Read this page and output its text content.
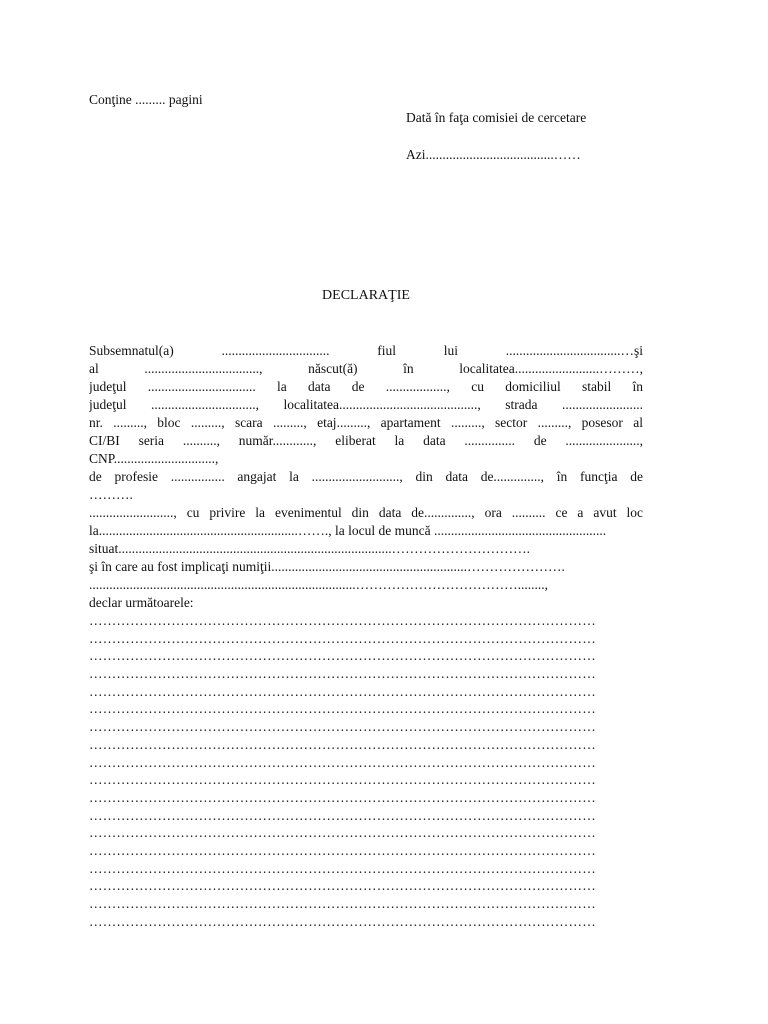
Conţine ......... pagini
Dată în faţa comisiei de cercetare
Azi......................................……
DECLARAŢIE
Subsemnatul(a) ................................ fiul lui ..................................…şi
al .................................., născut(ă) în localitatea.........................………,
judeţul ................................ la data de .................., cu domiciliul stabil în
judeţul ..............................., localitatea........................................., strada ........................
nr. ........., bloc ........., scara ........., etaj........., apartament ........., sector ........., posesor al
CI/BI seria .........., număr............, eliberat la data ............... de ......................,
CNP..............................,
de profesie ................ angajat la .........................., din data de.............., în funcţia de
……….
........................., cu privire la evenimentul din data de.............., ora .......... ce a avut loc
la...........................................................……., la locul de muncă ...................................................
situat.................................................................................………………………….
şi în care au fost implicaţi numiţii..........................................................………………….
...............................................................................………………………………........,
declar următoarele:
…………………………………………………………………………………………………
…………………………………………………………………………………………………
…………………………………………………………………………………………………
…………………………………………………………………………………………………
…………………………………………………………………………………………………
…………………………………………………………………………………………………
…………………………………………………………………………………………………
…………………………………………………………………………………………………
…………………………………………………………………………………………………
…………………………………………………………………………………………………
…………………………………………………………………………………………………
…………………………………………………………………………………………………
…………………………………………………………………………………………………
…………………………………………………………………………………………………
…………………………………………………………………………………………………
…………………………………………………………………………………………………
…………………………………………………………………………………………………
…………………………………………………………………………………………………
